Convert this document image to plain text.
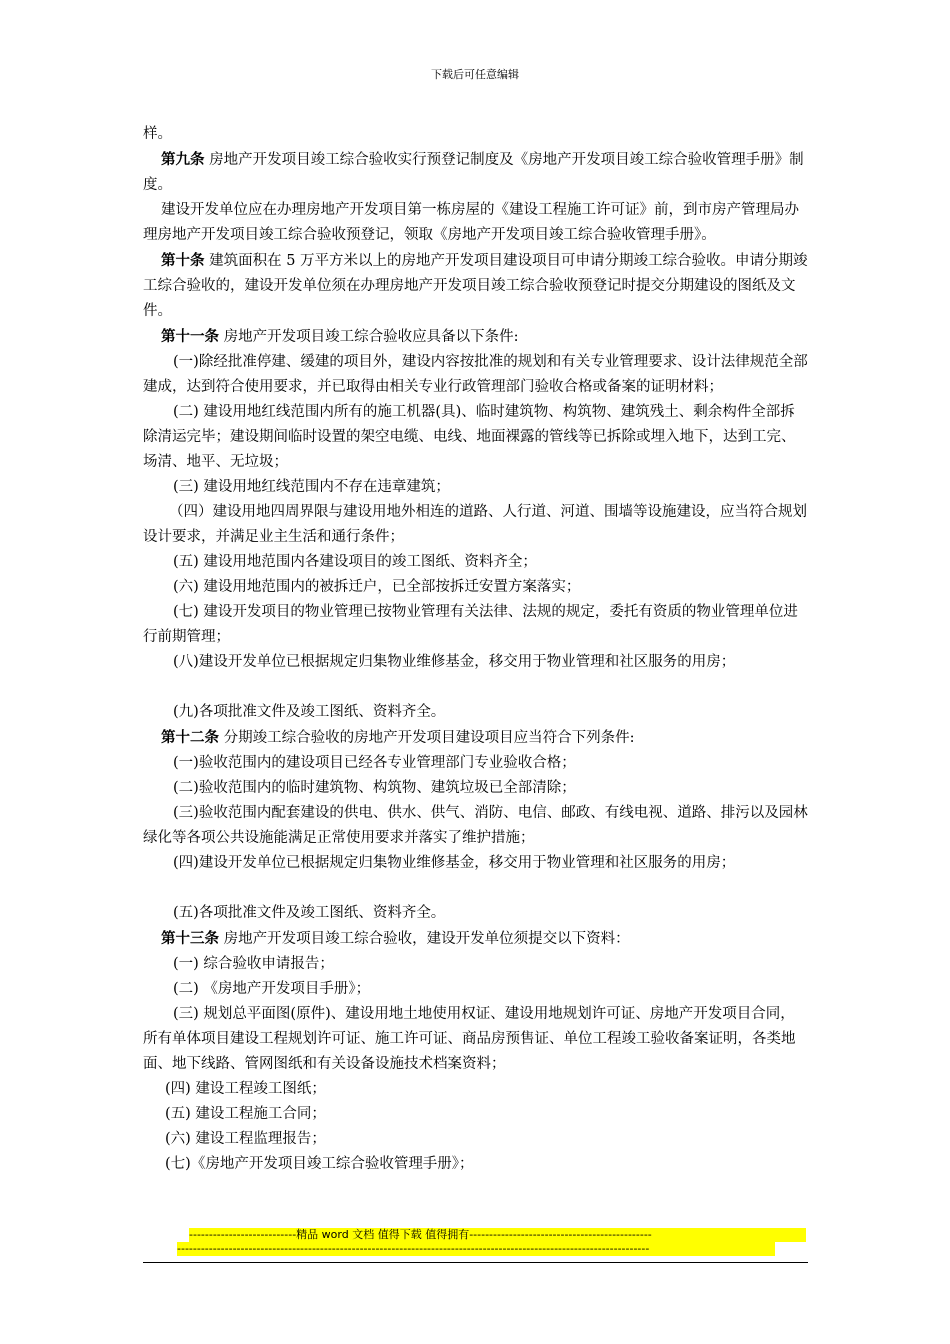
下载后可任意编辑

样。

第九条 房地产开发项目竣工综合验收实行预登记制度及《房地产开发项目竣工综合验收管理手册》制度。

建设开发单位应在办理房地产开发项目第一栋房屋的《建设工程施工许可证》前，到市房产管理局办理房地产开发项目竣工综合验收预登记，领取《房地产开发项目竣工综合验收管理手册》。

第十条 建筑面积在 5 万平方米以上的房地产开发项目建设项目可申请分期竣工综合验收。申请分期竣工综合验收的，建设开发单位须在办理房地产开发项目竣工综合验收预登记时提交分期建设的图纸及文件。

第十一条 房地产开发项目竣工综合验收应具备以下条件:

(一)除经批准停建、缓建的项目外，建设内容按批准的规划和有关专业管理要求、设计法律规范全部建成，达到符合使用要求，并已取得由相关专业行政管理部门验收合格或备案的证明材料；

(二) 建设用地红线范围内所有的施工机器(具)、临时建筑物、构筑物、建筑残土、剩余构件全部拆除清运完毕；建设期间临时设置的架空电缆、电线、地面裸露的管线等已拆除或埋入地下，达到工完、场清、地平、无垃圾；

(三) 建设用地红线范围内不存在违章建筑；

（四）建设用地四周界限与建设用地外相连的道路、人行道、河道、围墙等设施建设，应当符合规划设计要求，并满足业主生活和通行条件；

(五) 建设用地范围内各建设项目的竣工图纸、资料齐全；

(六) 建设用地范围内的被拆迁户，已全部按拆迁安置方案落实；

(七) 建设开发项目的物业管理已按物业管理有关法律、法规的规定，委托有资质的物业管理单位进行前期管理；

(八)建设开发单位已根据规定归集物业维修基金，移交用于物业管理和社区服务的用房；

(九)各项批准文件及竣工图纸、资料齐全。

第十二条 分期竣工综合验收的房地产开发项目建设项目应当符合下列条件:

(一)验收范围内的建设项目已经各专业管理部门专业验收合格；

(二)验收范围内的临时建筑物、构筑物、建筑垃圾已全部清除；

(三)验收范围内配套建设的供电、供水、供气、消防、电信、邮政、有线电视、道路、排污以及园林绿化等各项公共设施能满足正常使用要求并落实了维护措施；

(四)建设开发单位已根据规定归集物业维修基金，移交用于物业管理和社区服务的用房；

(五)各项批准文件及竣工图纸、资料齐全。

第十三条 房地产开发项目竣工综合验收，建设开发单位须提交以下资料：

(一) 综合验收申请报告；

(二) 《房地产开发项目手册》；

(三) 规划总平面图(原件)、建设用地土地使用权证、建设用地规划许可证、房地产开发项目合同，所有单体项目建设工程规划许可证、施工许可证、商品房预售证、单位工程竣工验收备案证明，各类地面、地下线路、管网图纸和有关设备设施技术档案资料；

(四) 建设工程竣工图纸；

(五) 建设工程施工合同；

(六) 建设工程监理报告；

(七)《房地产开发项目竣工综合验收管理手册》；

---------------------------精品 word 文档 值得下载 值得拥有----------------------------------------------
-----------------------------------------------------------------------------------------------------------------------
